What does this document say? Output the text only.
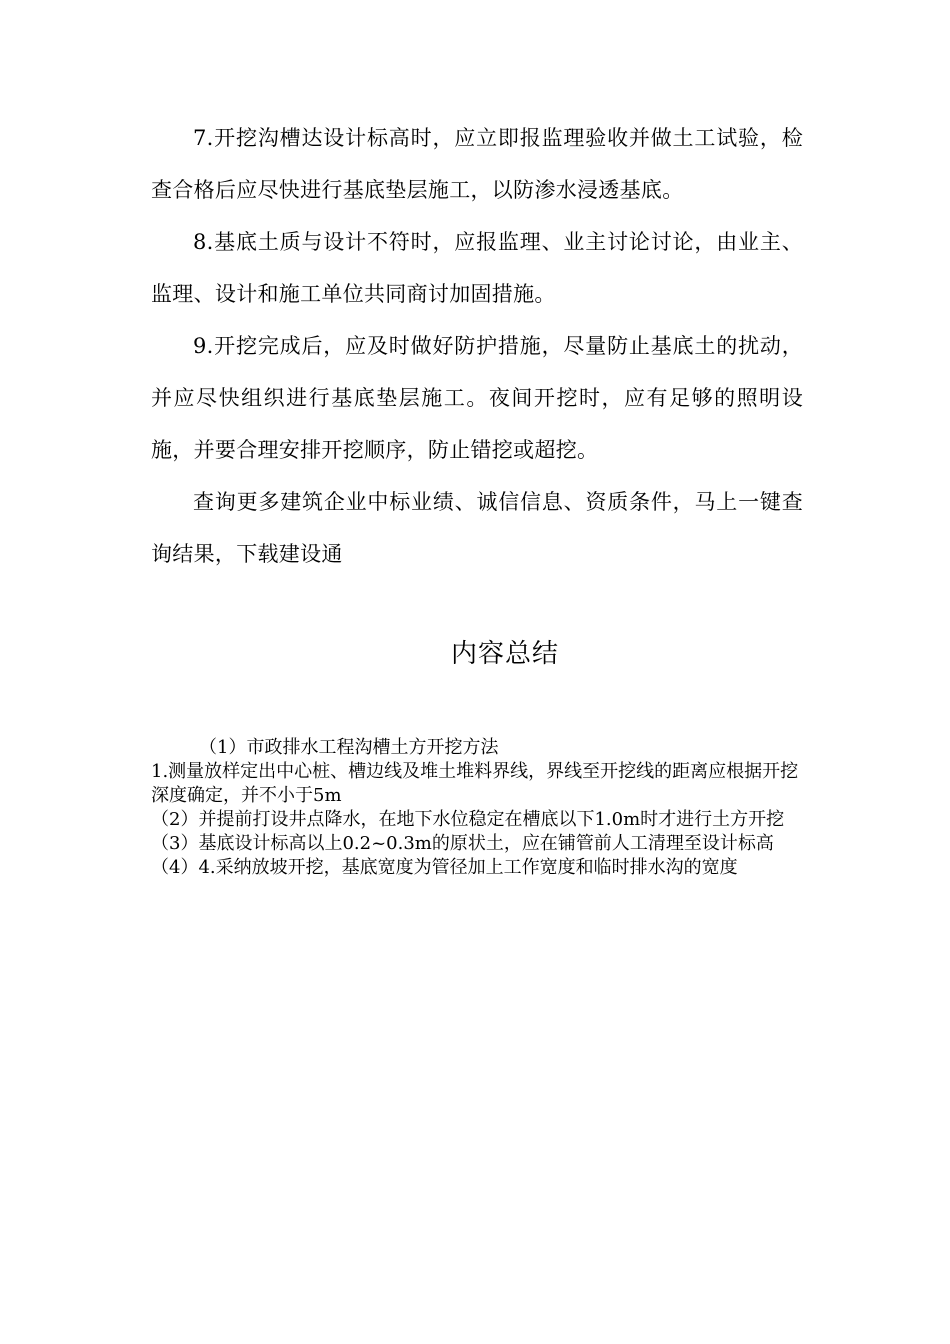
7.开挖沟槽达设计标高时，应立即报监理验收并做土工试验，检查合格后应尽快进行基底垫层施工，以防渗水浸透基底。

8.基底土质与设计不符时，应报监理、业主讨论讨论，由业主、监理、设计和施工单位共同商讨加固措施。

9.开挖完成后，应及时做好防护措施，尽量防止基底土的扰动，并应尽快组织进行基底垫层施工。夜间开挖时，应有足够的照明设施，并要合理安排开挖顺序，防止错挖或超挖。

查询更多建筑企业中标业绩、诚信信息、资质条件，马上一键查询结果，下载建设通

内容总结

（1）市政排水工程沟槽土方开挖方法

1.测量放样定出中心桩、槽边线及堆土堆料界线，界线至开挖线的距离应根据开挖深度确定，并不小于5m

（2）并提前打设井点降水，在地下水位稳定在槽底以下1.0m时才进行土方开挖

（3）基底设计标高以上0.2~0.3m的原状土，应在铺管前人工清理至设计标高

（4）4.采纳放坡开挖，基底宽度为管径加上工作宽度和临时排水沟的宽度
